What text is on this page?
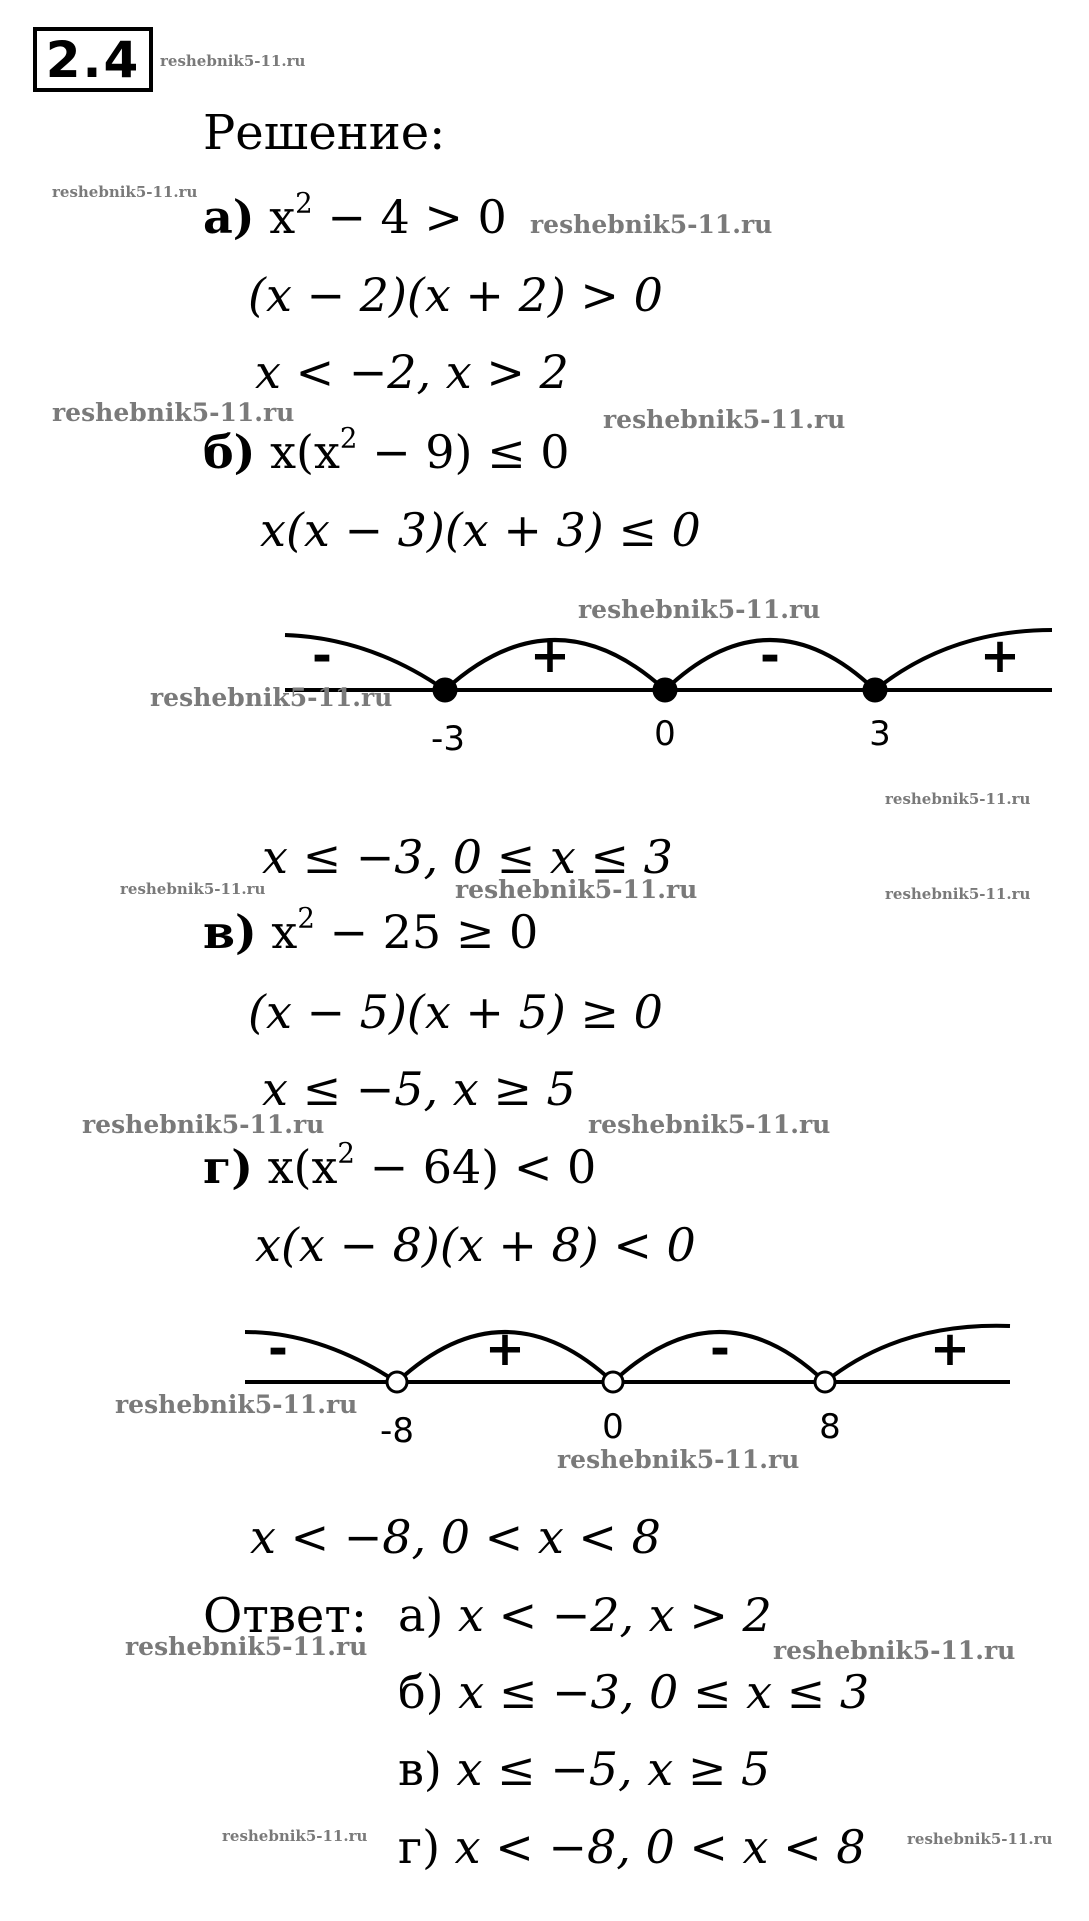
2.4
Решение:
а) $x^2 - 4 > 0$
(x − 2)(x + 2) > 0
x < −2, x > 2
б) $x(x^2 - 9) \le 0$
x(x − 3)(x + 3) ≤ 0
-	+	-	+
-3	0	3
x ≤ −3, 0 ≤ x ≤ 3
в) $x^2 - 25 \ge 0$
(x − 5)(x + 5) ≥ 0
x ≤ −5, x ≥ 5
г) $x(x^2 - 64) < 0$
x(x − 8)(x + 8) < 0
-	+	-	+
-8	0	8
x < −8, 0 < x < 8
Ответ: а) x < −2, x > 2
б) x ≤ −3, 0 ≤ x ≤ 3
в) x ≤ −5, x ≥ 5
г) x < −8, 0 < x < 8
reshebnik5-11.ru
reshebnik5-11.ru
reshebnik5-11.ru
reshebnik5-11.ru	reshebnik5-11.ru
reshebnik5-11.ru
reshebnik5-11.ru
reshebnik5-11.ru
reshebnik5-11.ru	reshebnik5-11.ru	reshebnik5-11.ru
reshebnik5-11.ru	reshebnik5-11.ru
reshebnik5-11.ru
reshebnik5-11.ru
reshebnik5-11.ru	reshebnik5-11.ru
reshebnik5-11.ru	reshebnik5-11.ru
